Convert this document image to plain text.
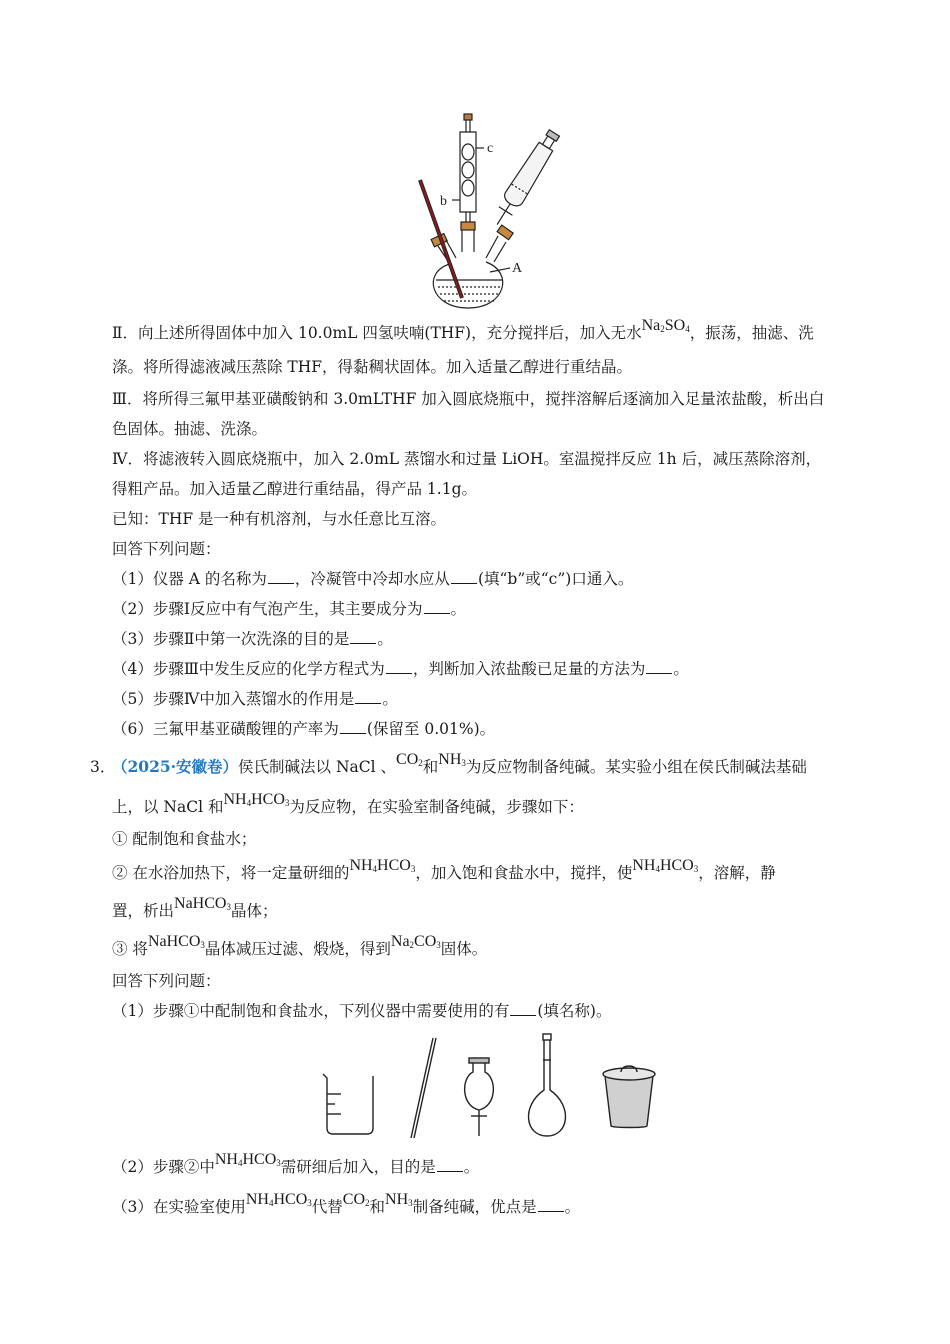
c
b
A
Ⅱ．向上述所得固体中加入 10.0mL 四氢呋喃(THF)，充分搅拌后，加入无水$Na_2SO_4$，振荡，抽滤、洗
涤。将所得滤液减压蒸除 THF，得黏稠状固体。加入适量乙醇进行重结晶。
Ⅲ．将所得三氟甲基亚磺酸钠和 3.0mLTHF 加入圆底烧瓶中，搅拌溶解后逐滴加入足量浓盐酸，析出白
色固体。抽滤、洗涤。
Ⅳ．将滤液转入圆底烧瓶中，加入 2.0mL 蒸馏水和过量 LiOH。室温搅拌反应 1h 后，减压蒸除溶剂，
得粗产品。加入适量乙醇进行重结晶，得产品 1.1g。
已知：THF 是一种有机溶剂，与水任意比互溶。
回答下列问题：
（1）仪器 A 的名称为 ，冷凝管中冷却水应从 (填“b”或“c”)口通入。
（2）步骤Ⅰ反应中有气泡产生，其主要成分为 。
（3）步骤Ⅱ中第一次洗涤的目的是 。
（4）步骤Ⅲ中发生反应的化学方程式为 ，判断加入浓盐酸已足量的方法为 。
（5）步骤Ⅳ中加入蒸馏水的作用是 。
（6）三氟甲基亚磺酸锂的产率为 (保留至 0.01%)。
3．
（2025·安徽卷）侯氏制碱法以 NaCl 、$CO_2$和$NH_3$为反应物制备纯碱。某实验小组在侯氏制碱法基础
上，以 NaCl 和$NH_4HCO_3$为反应物，在实验室制备纯碱，步骤如下：
① 配制饱和食盐水；
② 在水浴加热下，将一定量研细的$NH_4HCO_3$，加入饱和食盐水中，搅拌，使$NH_4HCO_3$，溶解，静
置，析出NaHCO$_3$晶体；
③ 将NaHCO$_3$晶体减压过滤、煅烧，得到$Na_2CO_3$固体。
回答下列问题：
（1）步骤①中配制饱和食盐水，下列仪器中需要使用的有 (填名称)。
（2）步骤②中$NH_4HCO_3$需研细后加入，目的是 。
（3）在实验室使用$NH_4HCO_3$代替$CO_2$和$NH_3$制备纯碱，优点是 。
